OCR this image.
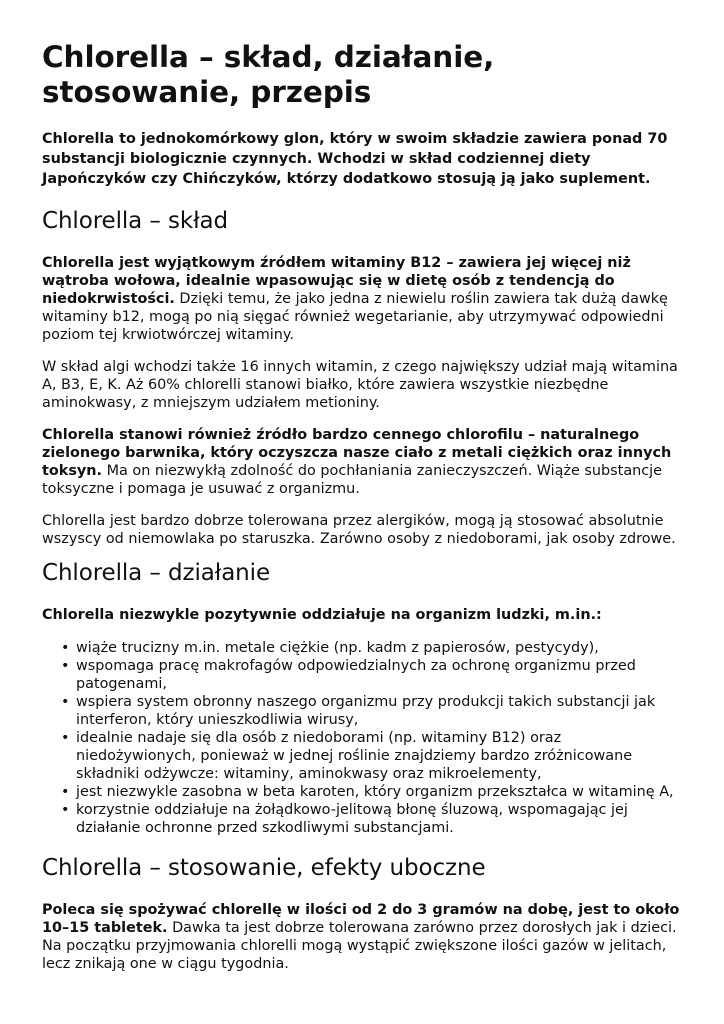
Chlorella – skład, działanie, stosowanie, przepis

Chlorella to jednokomórkowy glon, który w swoim składzie zawiera ponad 70 substancji biologicznie czynnych. Wchodzi w skład codziennej diety Japończyków czy Chińczyków, którzy dodatkowo stosują ją jako suplement.

Chlorella – skład

Chlorella jest wyjątkowym źródłem witaminy B12 – zawiera jej więcej niż wątroba wołowa, idealnie wpasowując się w dietę osób z tendencją do niedokrwistości. Dzięki temu, że jako jedna z niewielu roślin zawiera tak dużą dawkę witaminy b12, mogą po nią sięgać również wegetarianie, aby utrzymywać odpowiedni poziom tej krwiotwórczej witaminy.

W skład algi wchodzi także 16 innych witamin, z czego największy udział mają witamina A, B3, E, K. Aż 60% chlorelli stanowi białko, które zawiera wszystkie niezbędne aminokwasy, z mniejszym udziałem metioniny.

Chlorella stanowi również źródło bardzo cennego chlorofilu – naturalnego zielonego barwnika, który oczyszcza nasze ciało z metali ciężkich oraz innych toksyn. Ma on niezwykłą zdolność do pochłaniania zanieczyszczeń. Wiąże substancje toksyczne i pomaga je usuwać z organizmu.

Chlorella jest bardzo dobrze tolerowana przez alergików, mogą ją stosować absolutnie wszyscy od niemowlaka po staruszka. Zarówno osoby z niedoborami, jak osoby zdrowe.

Chlorella – działanie

Chlorella niezwykle pozytywnie oddziałuje na organizm ludzki, m.in.:

• wiąże trucizny m.in. metale ciężkie (np. kadm z papierosów, pestycydy),
• wspomaga pracę makrofagów odpowiedzialnych za ochronę organizmu przed patogenami,
• wspiera system obronny naszego organizmu przy produkcji takich substancji jak interferon, który unieszkodliwia wirusy,
• idealnie nadaje się dla osób z niedoborami (np. witaminy B12) oraz niedożywionych, ponieważ w jednej roślinie znajdziemy bardzo zróżnicowane składniki odżywcze: witaminy, aminokwasy oraz mikroelementy,
• jest niezwykle zasobna w beta karoten, który organizm przekształca w witaminę A,
• korzystnie oddziałuje na żołądkowo-jelitową błonę śluzową, wspomagając jej działanie ochronne przed szkodliwymi substancjami.
Chlorella – stosowanie, efekty uboczne

Poleca się spożywać chlorellę w ilości od 2 do 3 gramów na dobę, jest to około 10–15 tabletek. Dawka ta jest dobrze tolerowana zarówno przez dorosłych jak i dzieci. Na początku przyjmowania chlorelli mogą wystąpić zwiększone ilości gazów w jelitach, lecz znikają one w ciągu tygodnia.
